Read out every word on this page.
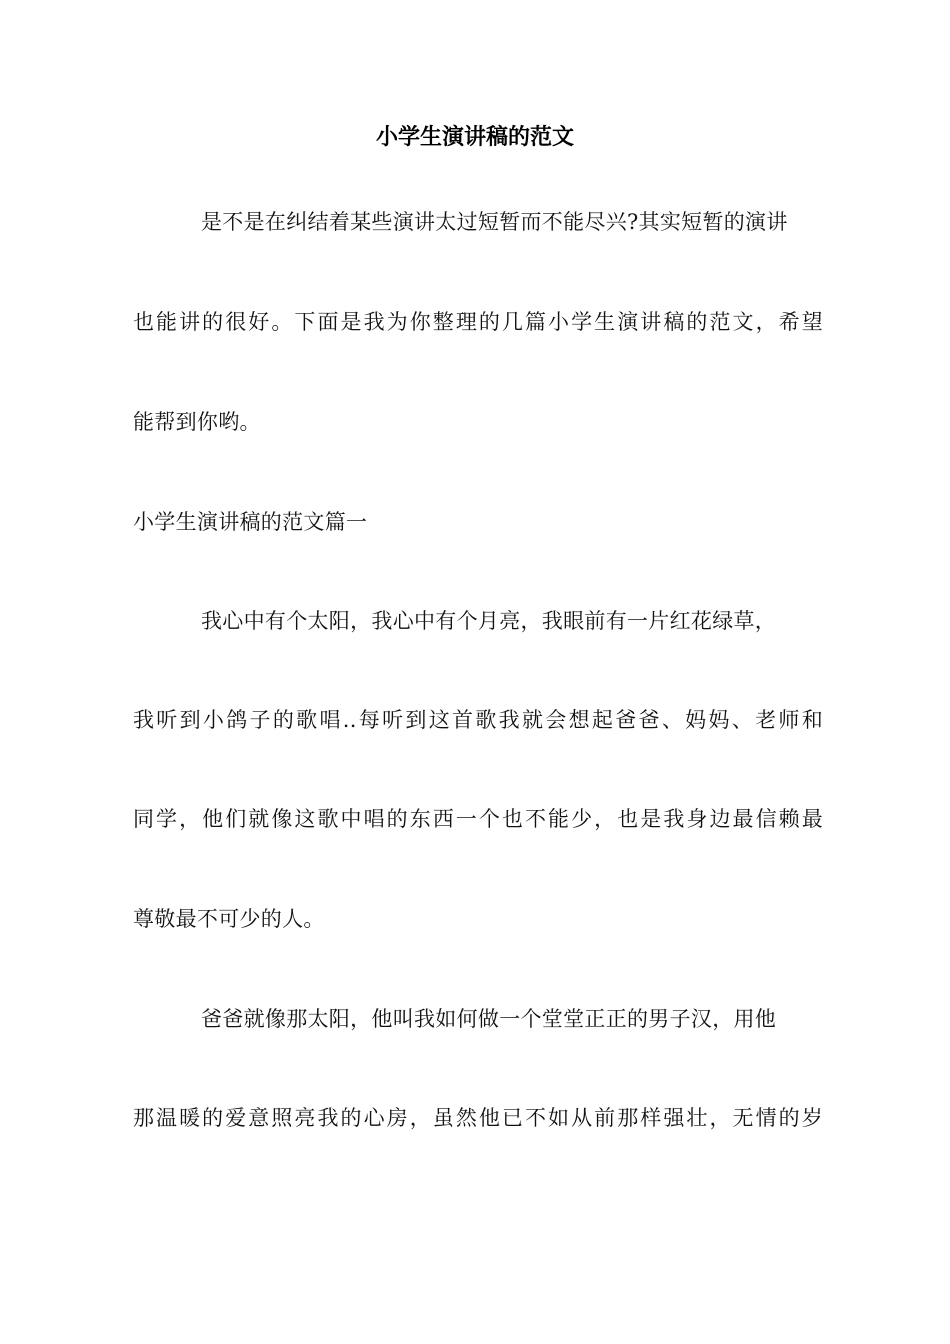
小学生演讲稿的范文
是不是在纠结着某些演讲太过短暂而不能尽兴?其实短暂的演讲
也能讲的很好。下面是我为你整理的几篇小学生演讲稿的范文，希望
能帮到你哟。
小学生演讲稿的范文篇一
我心中有个太阳，我心中有个月亮，我眼前有一片红花绿草，
我听到小鸽子的歌唱..每听到这首歌我就会想起爸爸、妈妈、老师和
同学，他们就像这歌中唱的东西一个也不能少，也是我身边最信赖最
尊敬最不可少的人。
爸爸就像那太阳，他叫我如何做一个堂堂正正的男子汉，用他
那温暖的爱意照亮我的心房，虽然他已不如从前那样强壮，无情的岁
